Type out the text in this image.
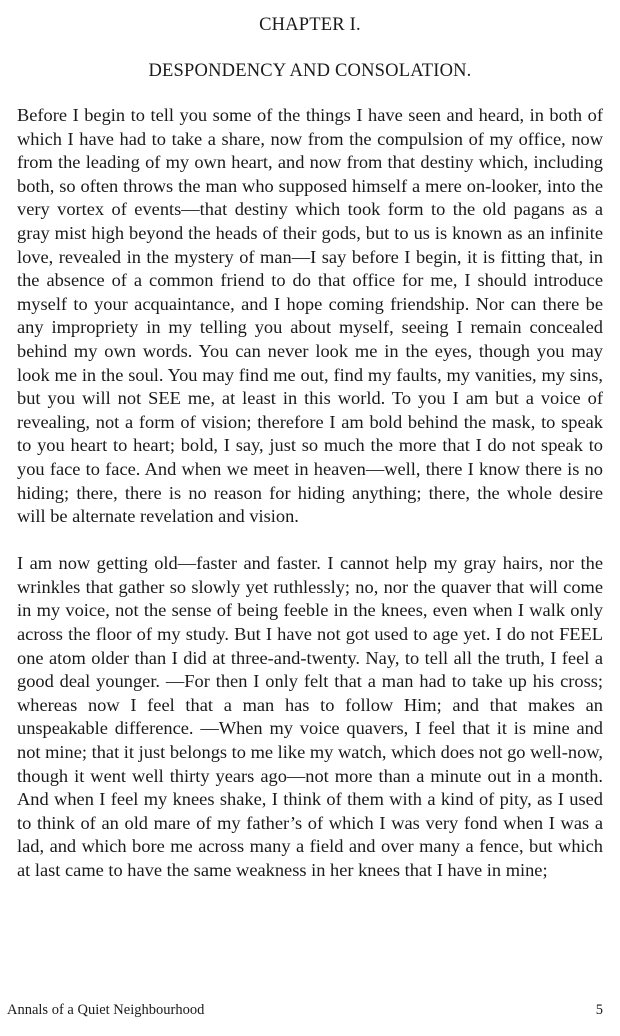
CHAPTER I.
DESPONDENCY AND CONSOLATION.

Before I begin to tell you some of the things I have seen and heard, in both of which I have had to take a share, now from the compulsion of my office, now from the leading of my own heart, and now from that destiny which, including both, so often throws the man who supposed himself a mere on-looker, into the very vortex of events—that destiny which took form to the old pagans as a gray mist high beyond the heads of their gods, but to us is known as an infinite love, revealed in the mystery of man—I say before I begin, it is fitting that, in the absence of a common friend to do that office for me, I should introduce myself to your acquaintance, and I hope coming friendship. Nor can there be any impropriety in my telling you about myself, seeing I remain concealed behind my own words. You can never look me in the eyes, though you may look me in the soul. You may find me out, find my faults, my vanities, my sins, but you will not SEE me, at least in this world. To you I am but a voice of revealing, not a form of vision; therefore I am bold behind the mask, to speak to you heart to heart; bold, I say, just so much the more that I do not speak to you face to face. And when we meet in heaven—well, there I know there is no hiding; there, there is no reason for hiding anything; there, the whole desire will be alternate revelation and vision.

I am now getting old—faster and faster. I cannot help my gray hairs, nor the wrinkles that gather so slowly yet ruthlessly; no, nor the quaver that will come in my voice, not the sense of being feeble in the knees, even when I walk only across the floor of my study. But I have not got used to age yet. I do not FEEL one atom older than I did at three-and-twenty. Nay, to tell all the truth, I feel a good deal younger. —For then I only felt that a man had to take up his cross; whereas now I feel that a man has to follow Him; and that makes an unspeakable difference. —When my voice quavers, I feel that it is mine and not mine; that it just belongs to me like my watch, which does not go well-now, though it went well thirty years ago—not more than a minute out in a month. And when I feel my knees shake, I think of them with a kind of pity, as I used to think of an old mare of my father’s of which I was very fond when I was a lad, and which bore me across many a field and over many a fence, but which at last came to have the same weakness in her knees that I have in mine;

Annals of a Quiet Neighbourhood	5
